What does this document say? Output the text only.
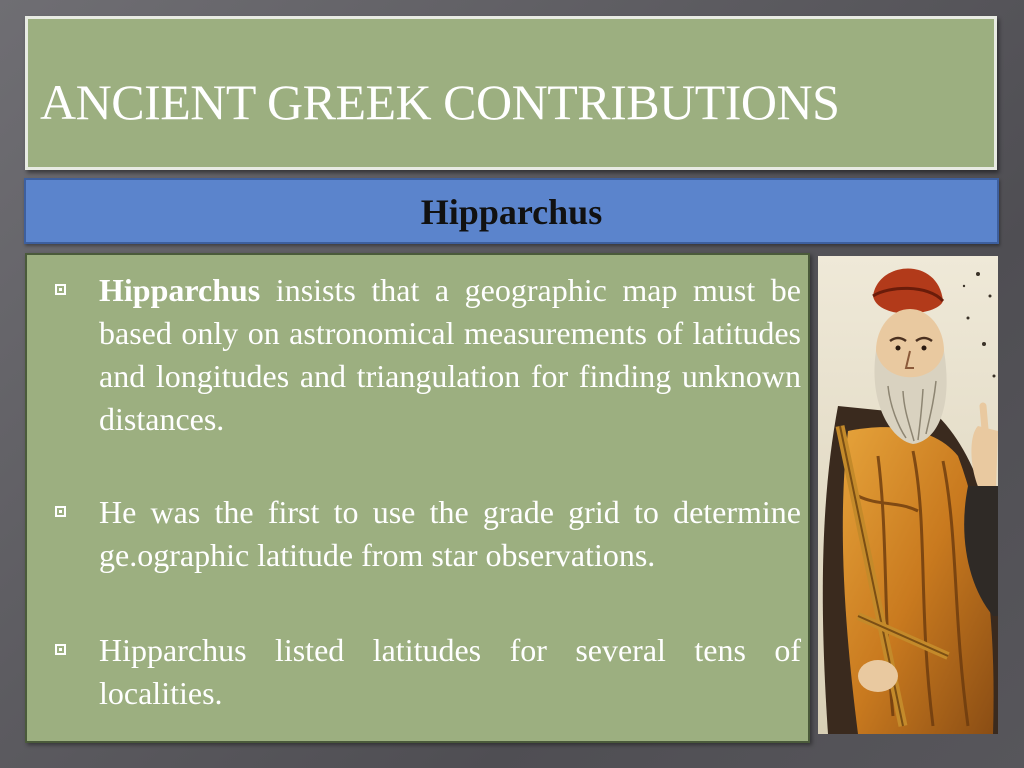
ANCIENT GREEK CONTRIBUTIONS
Hipparchus
Hipparchus insists that a geographic map must be based only on astronomical measurements of latitudes and longitudes and triangulation for finding unknown distances.
He was the first to use the grade grid to determine ge.ographic latitude from star observations.
Hipparchus listed latitudes for several tens of localities.
